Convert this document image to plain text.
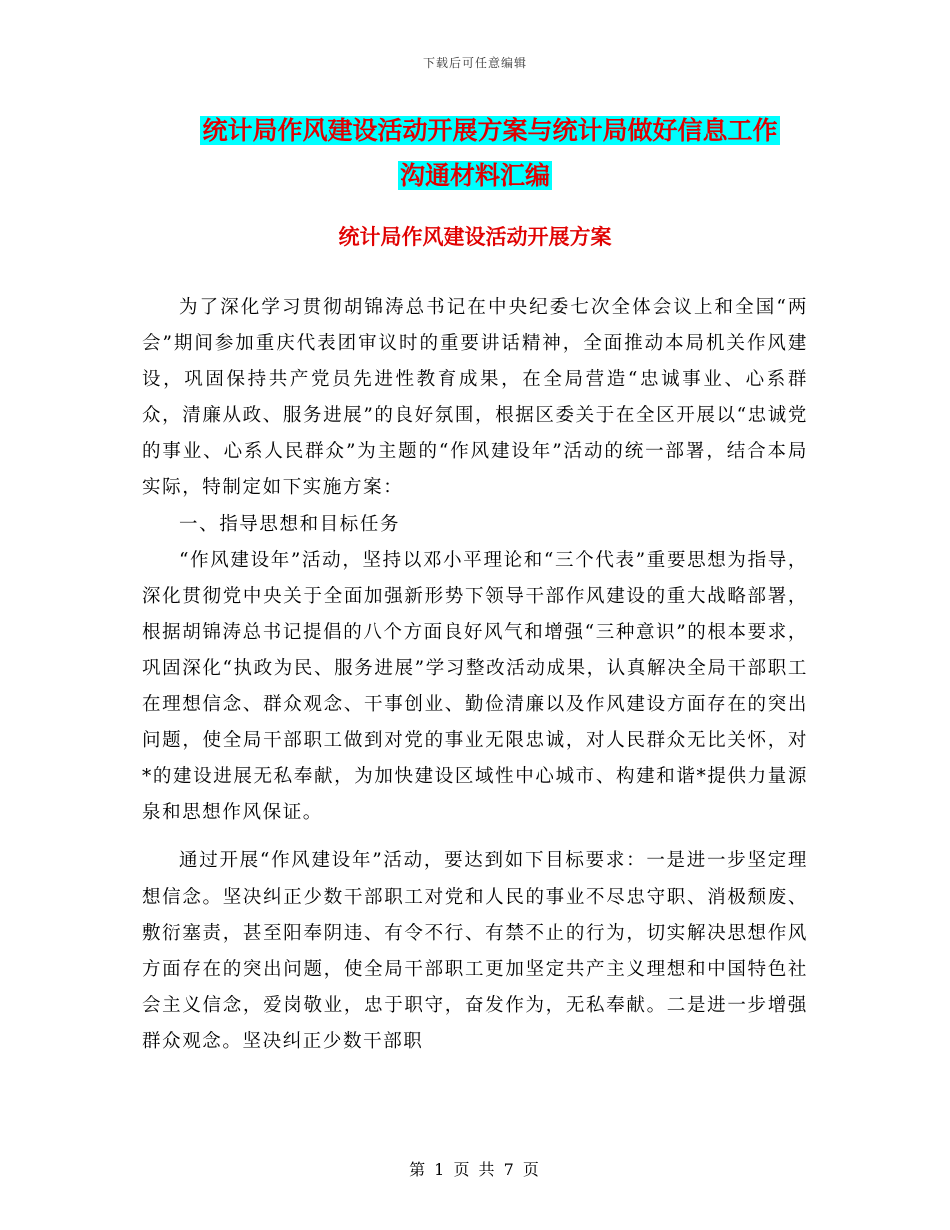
下载后可任意编辑
统计局作风建设活动开展方案与统计局做好信息工作
沟通材料汇编
统计局作风建设活动开展方案

为了深化学习贯彻胡锦涛总书记在中央纪委七次全体会议上和全国“两会”期间参加重庆代表团审议时的重要讲话精神，全面推动本局机关作风建设，巩固保持共产党员先进性教育成果，在全局营造“忠诚事业、心系群众，清廉从政、服务进展”的良好氛围，根据区委关于在全区开展以“忠诚党的事业、心系人民群众”为主题的“作风建设年”活动的统一部署，结合本局实际，特制定如下实施方案：

一、指导思想和目标任务

“作风建设年”活动，坚持以邓小平理论和“三个代表”重要思想为指导，深化贯彻党中央关于全面加强新形势下领导干部作风建设的重大战略部署，根据胡锦涛总书记提倡的八个方面良好风气和增强“三种意识”的根本要求，巩固深化“执政为民、服务进展”学习整改活动成果，认真解决全局干部职工在理想信念、群众观念、干事创业、勤俭清廉以及作风建设方面存在的突出问题，使全局干部职工做到对党的事业无限忠诚，对人民群众无比关怀，对*的建设进展无私奉献，为加快建设区域性中心城市、构建和谐*提供力量源泉和思想作风保证。

通过开展“作风建设年”活动，要达到如下目标要求：一是进一步坚定理想信念。坚决纠正少数干部职工对党和人民的事业不尽忠守职、消极颓废、敷衍塞责，甚至阳奉阴违、有令不行、有禁不止的行为，切实解决思想作风方面存在的突出问题，使全局干部职工更加坚定共产主义理想和中国特色社会主义信念，爱岗敬业，忠于职守，奋发作为，无私奉献。二是进一步增强群众观念。坚决纠正少数干部职

第 1 页 共 7 页
